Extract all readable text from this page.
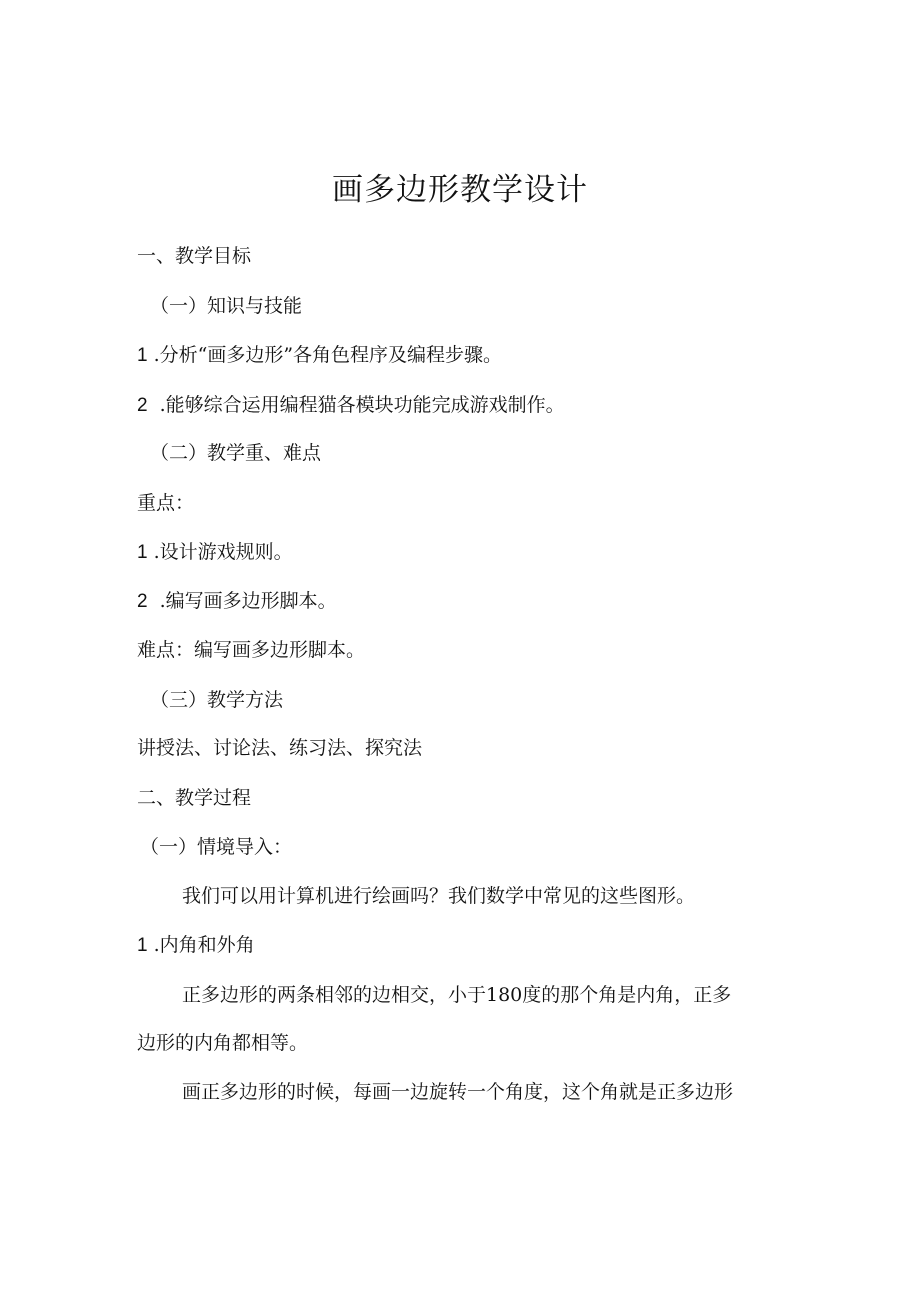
画多边形教学设计

一、教学目标

（一）知识与技能

1 .分析“画多边形”各角色程序及编程步骤。

2 .能够综合运用编程猫各模块功能完成游戏制作。

（二）教学重、难点

重点：

1 .设计游戏规则。

2 .编写画多边形脚本。

难点：编写画多边形脚本。

（三）教学方法

讲授法、讨论法、练习法、探究法

二、教学过程

（一）情境导入：

我们可以用计算机进行绘画吗？我们数学中常见的这些图形。

1 .内角和外角

正多边形的两条相邻的边相交，小于180度的那个角是内角，正多

边形的内角都相等。

画正多边形的时候，每画一边旋转一个角度，这个角就是正多边形
